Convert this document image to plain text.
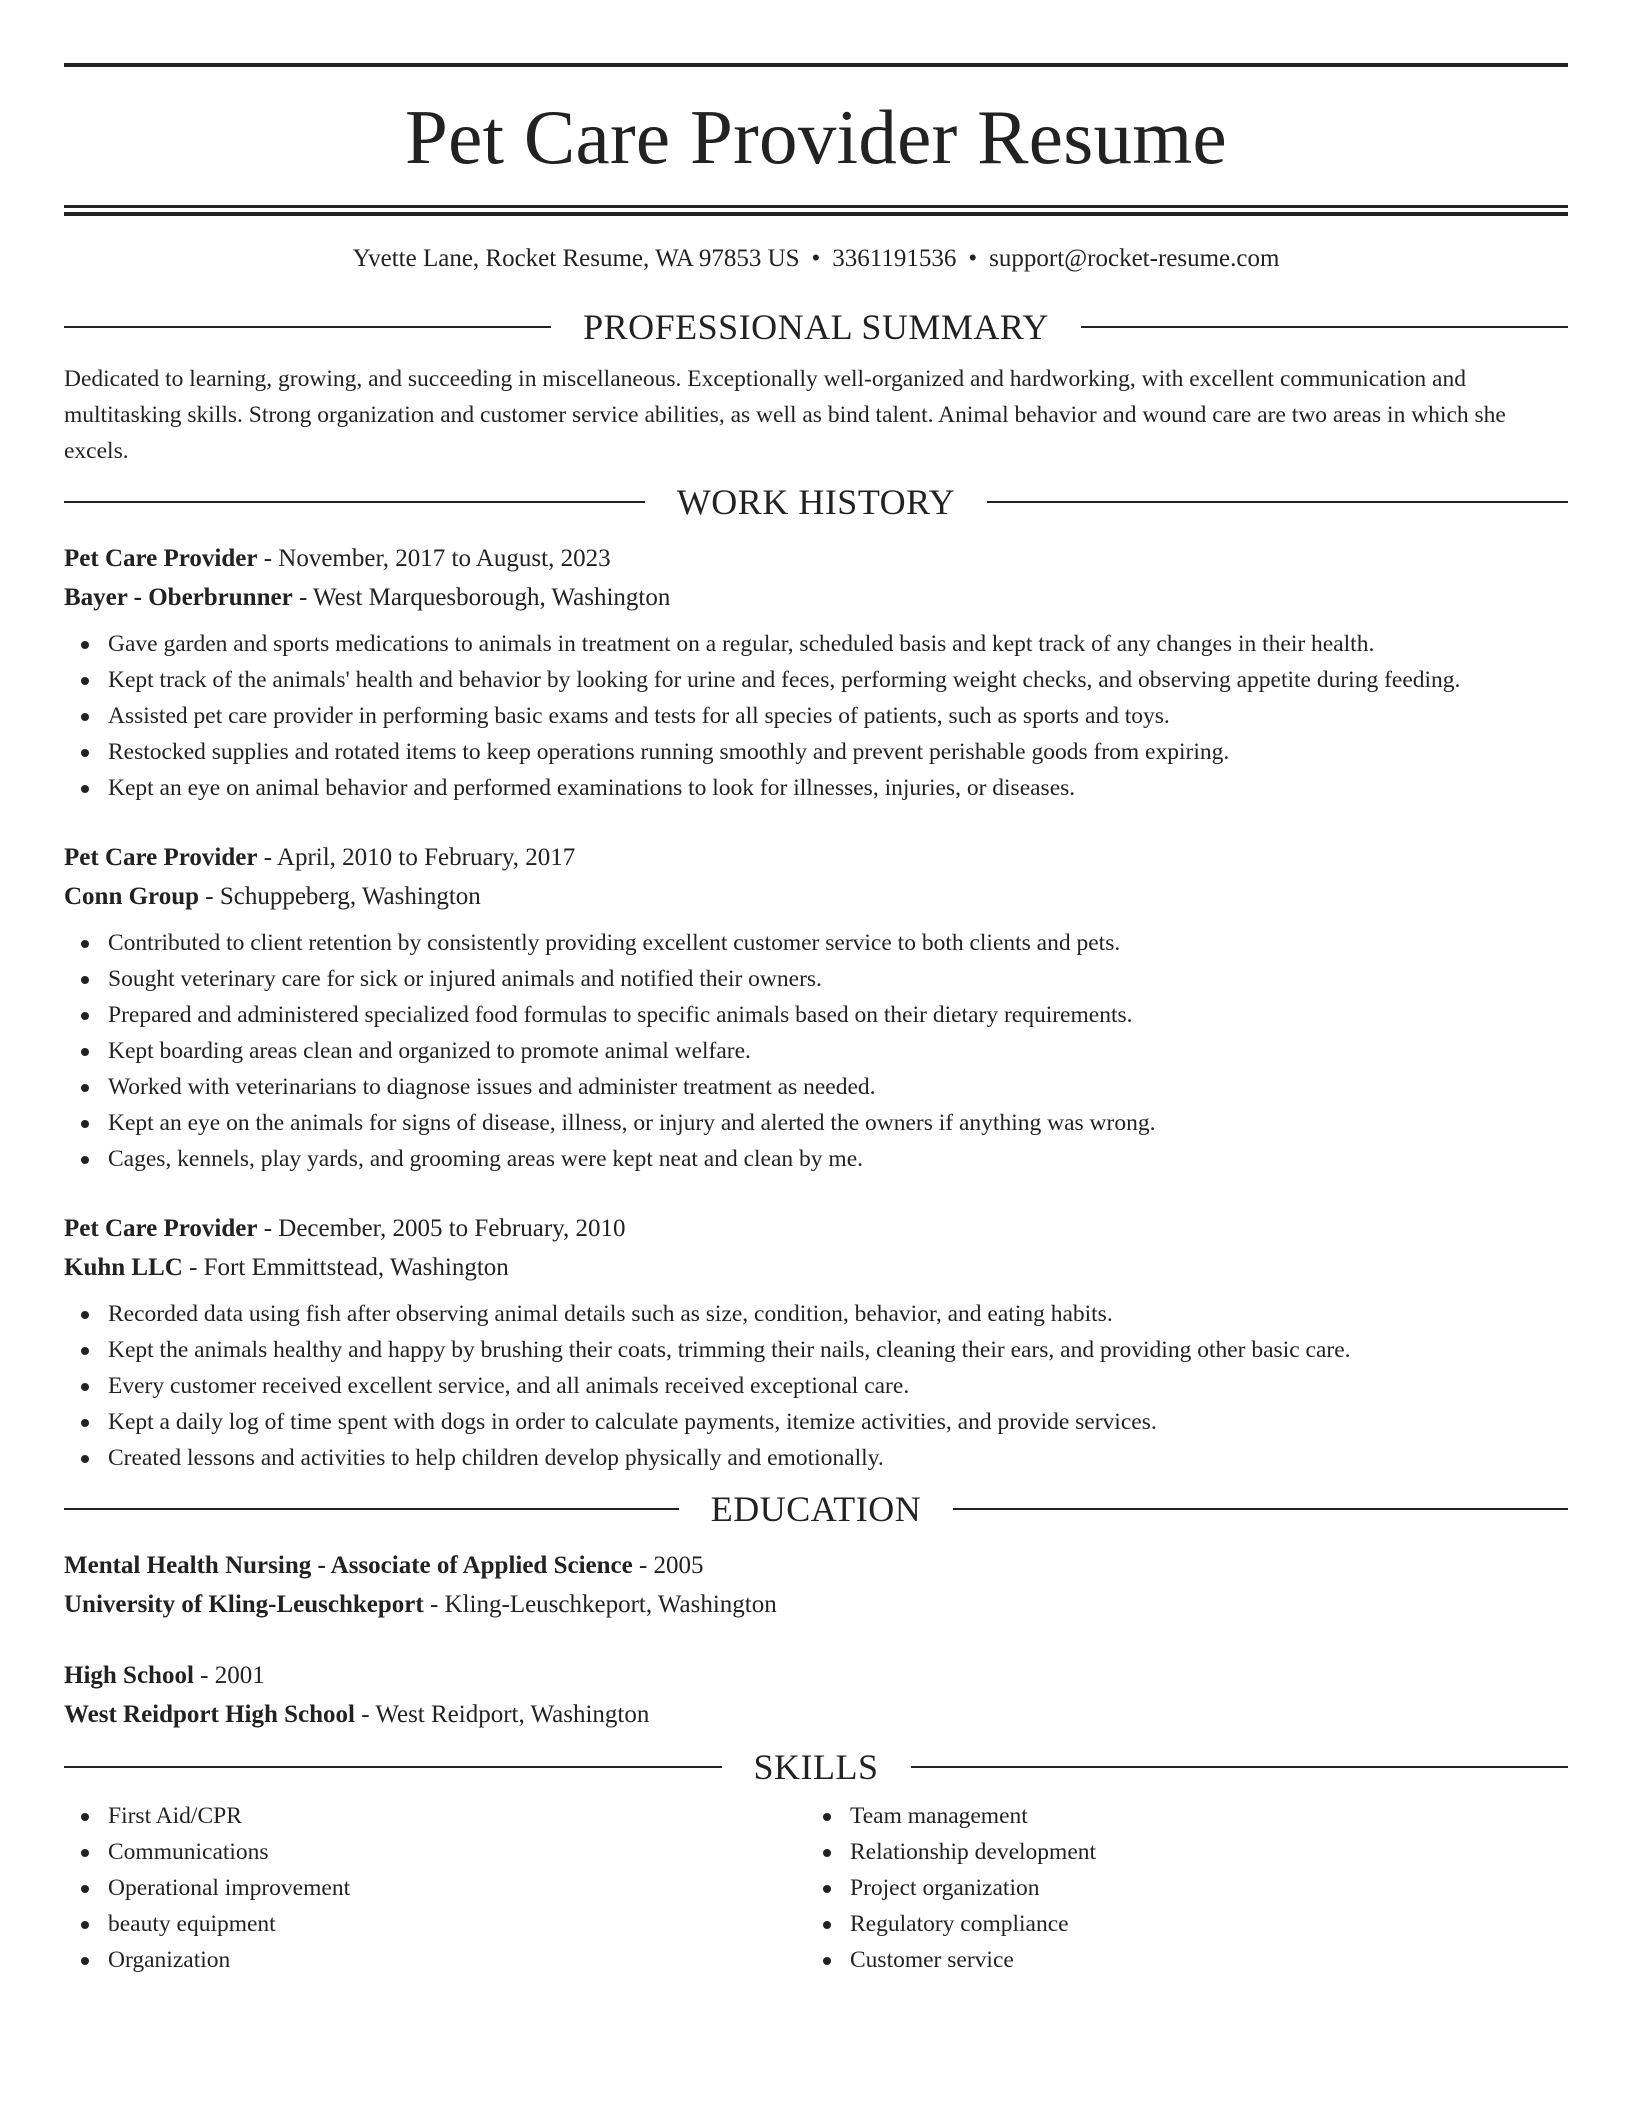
Pet Care Provider Resume
Yvette Lane, Rocket Resume, WA 97853 US • 3361191536 • support@rocket-resume.com
PROFESSIONAL SUMMARY

Dedicated to learning, growing, and succeeding in miscellaneous. Exceptionally well-organized and hardworking, with excellent communication and multitasking skills. Strong organization and customer service abilities, as well as bind talent. Animal behavior and wound care are two areas in which she excels.

WORK HISTORY
Pet Care Provider - November, 2017 to August, 2023
Bayer - Oberbrunner - West Marquesborough, Washington
Gave garden and sports medications to animals in treatment on a regular, scheduled basis and kept track of any changes in their health.
Kept track of the animals' health and behavior by looking for urine and feces, performing weight checks, and observing appetite during feeding.
Assisted pet care provider in performing basic exams and tests for all species of patients, such as sports and toys.
Restocked supplies and rotated items to keep operations running smoothly and prevent perishable goods from expiring.
Kept an eye on animal behavior and performed examinations to look for illnesses, injuries, or diseases.
Pet Care Provider - April, 2010 to February, 2017
Conn Group - Schuppeberg, Washington
Contributed to client retention by consistently providing excellent customer service to both clients and pets.
Sought veterinary care for sick or injured animals and notified their owners.
Prepared and administered specialized food formulas to specific animals based on their dietary requirements.
Kept boarding areas clean and organized to promote animal welfare.
Worked with veterinarians to diagnose issues and administer treatment as needed.
Kept an eye on the animals for signs of disease, illness, or injury and alerted the owners if anything was wrong.
Cages, kennels, play yards, and grooming areas were kept neat and clean by me.
Pet Care Provider - December, 2005 to February, 2010
Kuhn LLC - Fort Emmittstead, Washington
Recorded data using fish after observing animal details such as size, condition, behavior, and eating habits.
Kept the animals healthy and happy by brushing their coats, trimming their nails, cleaning their ears, and providing other basic care.
Every customer received excellent service, and all animals received exceptional care.
Kept a daily log of time spent with dogs in order to calculate payments, itemize activities, and provide services.
Created lessons and activities to help children develop physically and emotionally.
EDUCATION
Mental Health Nursing - Associate of Applied Science - 2005
University of Kling-Leuschkeport - Kling-Leuschkeport, Washington
High School - 2001
West Reidport High School - West Reidport, Washington
SKILLS
First Aid/CPR
Communications
Operational improvement
beauty equipment
Organization
Team management
Relationship development
Project organization
Regulatory compliance
Customer service
